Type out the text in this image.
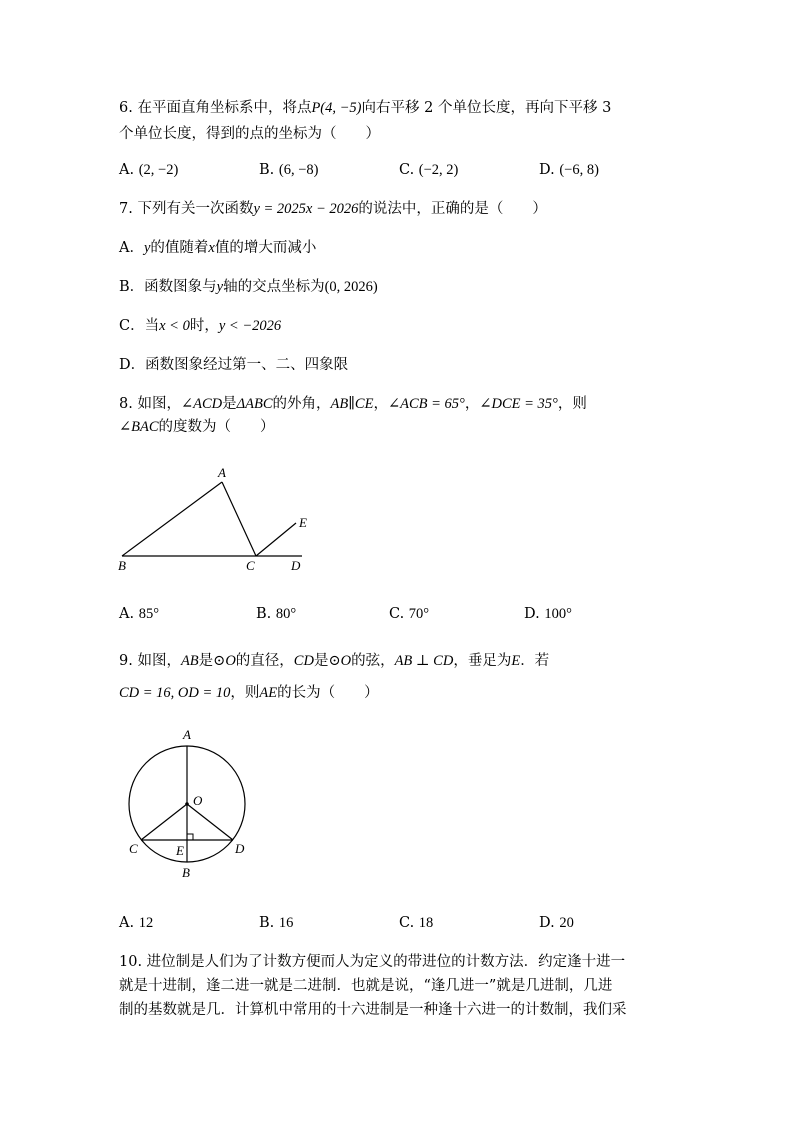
6. 在平面直角坐标系中，将点P(4, −5)向右平移 2 个单位长度，再向下平移 3
个单位长度，得到的点的坐标为（　　）
A. (2, −2)	B. (6, −8)	C. (−2, 2)	D. (−6, 8)
7. 下列有关一次函数y = 2025x − 2026的说法中，正确的是（　　）
A．y的值随着x值的增大而减小
B．函数图象与y轴的交点坐标为(0, 2026)
C．当x < 0时，y < −2026
D．函数图象经过第一、二、四象限
8. 如图，∠ACD是ΔABC的外角，AB∥CE，∠ACB = 65°，∠DCE = 35°，则
∠BAC的度数为（　　）
A
B	C	D
E
A. 85°	B. 80°	C. 70°	D. 100°
9. 如图，AB是⊙O的直径，CD是⊙O的弦，AB ⊥ CD，垂足为E．若
CD = 16, OD = 10，则AE的长为（　　）
A
O
C	E	D
B
A. 12	B. 16	C. 18	D. 20
10. 进位制是人们为了计数方便而人为定义的带进位的计数方法．约定逢十进一
就是十进制，逢二进一就是二进制．也就是说，“逢几进一”就是几进制，几进
制的基数就是几．计算机中常用的十六进制是一种逢十六进一的计数制，我们采
